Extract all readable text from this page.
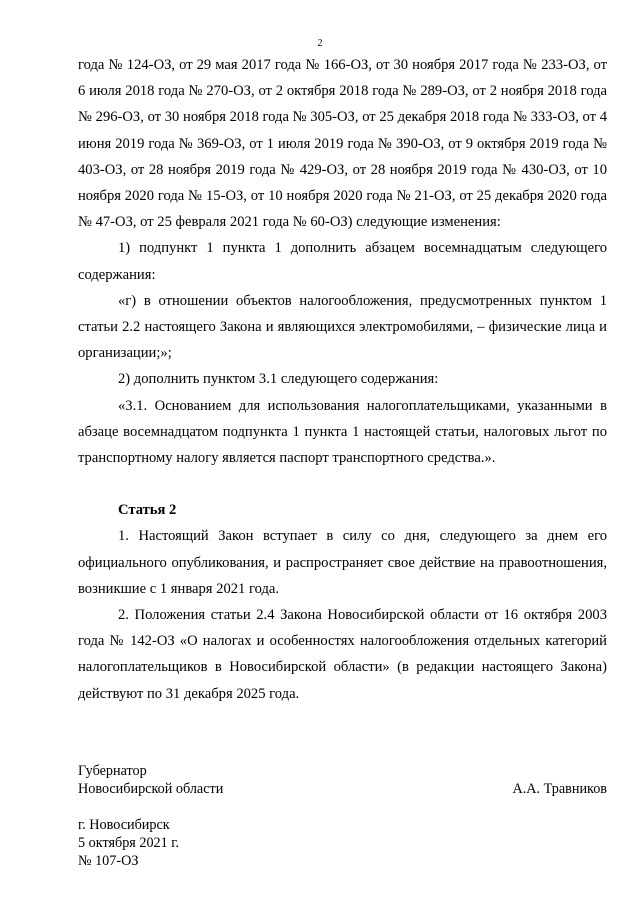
2

года № 124-ОЗ, от 29 мая 2017 года № 166-ОЗ, от 30 ноября 2017 года № 233-ОЗ, от 6 июля 2018 года № 270-ОЗ, от 2 октября 2018 года № 289-ОЗ, от 2 ноября 2018 года № 296-ОЗ, от 30 ноября 2018 года № 305-ОЗ, от 25 декабря 2018 года № 333-ОЗ, от 4 июня 2019 года № 369-ОЗ, от 1 июля 2019 года № 390-ОЗ, от 9 октября 2019 года № 403-ОЗ, от 28 ноября 2019 года № 429-ОЗ, от 28 ноября 2019 года № 430-ОЗ, от 10 ноября 2020 года № 15-ОЗ, от 10 ноября 2020 года № 21-ОЗ, от 25 декабря 2020 года № 47-ОЗ, от 25 февраля 2021 года № 60-ОЗ) следующие изменения:

1) подпункт 1 пункта 1 дополнить абзацем восемнадцатым следующего содержания:

«г) в отношении объектов налогообложения, предусмотренных пунктом 1 статьи 2.2 настоящего Закона и являющихся электромобилями, – физические лица и организации;»;

2) дополнить пунктом 3.1 следующего содержания:

«3.1. Основанием для использования налогоплательщиками, указанными в абзаце восемнадцатом подпункта 1 пункта 1 настоящей статьи, налоговых льгот по транспортному налогу является паспорт транспортного средства.».

Статья 2

1. Настоящий Закон вступает в силу со дня, следующего за днем его официального опубликования, и распространяет свое действие на правоотношения, возникшие с 1 января 2021 года.

2. Положения статьи 2.4 Закона Новосибирской области от 16 октября 2003 года № 142-ОЗ «О налогах и особенностях налогообложения отдельных категорий налогоплательщиков в Новосибирской области» (в редакции настоящего Закона) действуют по 31 декабря 2025 года.

Губернатор
Новосибирской области	А.А. Травников
г. Новосибирск
5 октября 2021 г.
№ 107-ОЗ
